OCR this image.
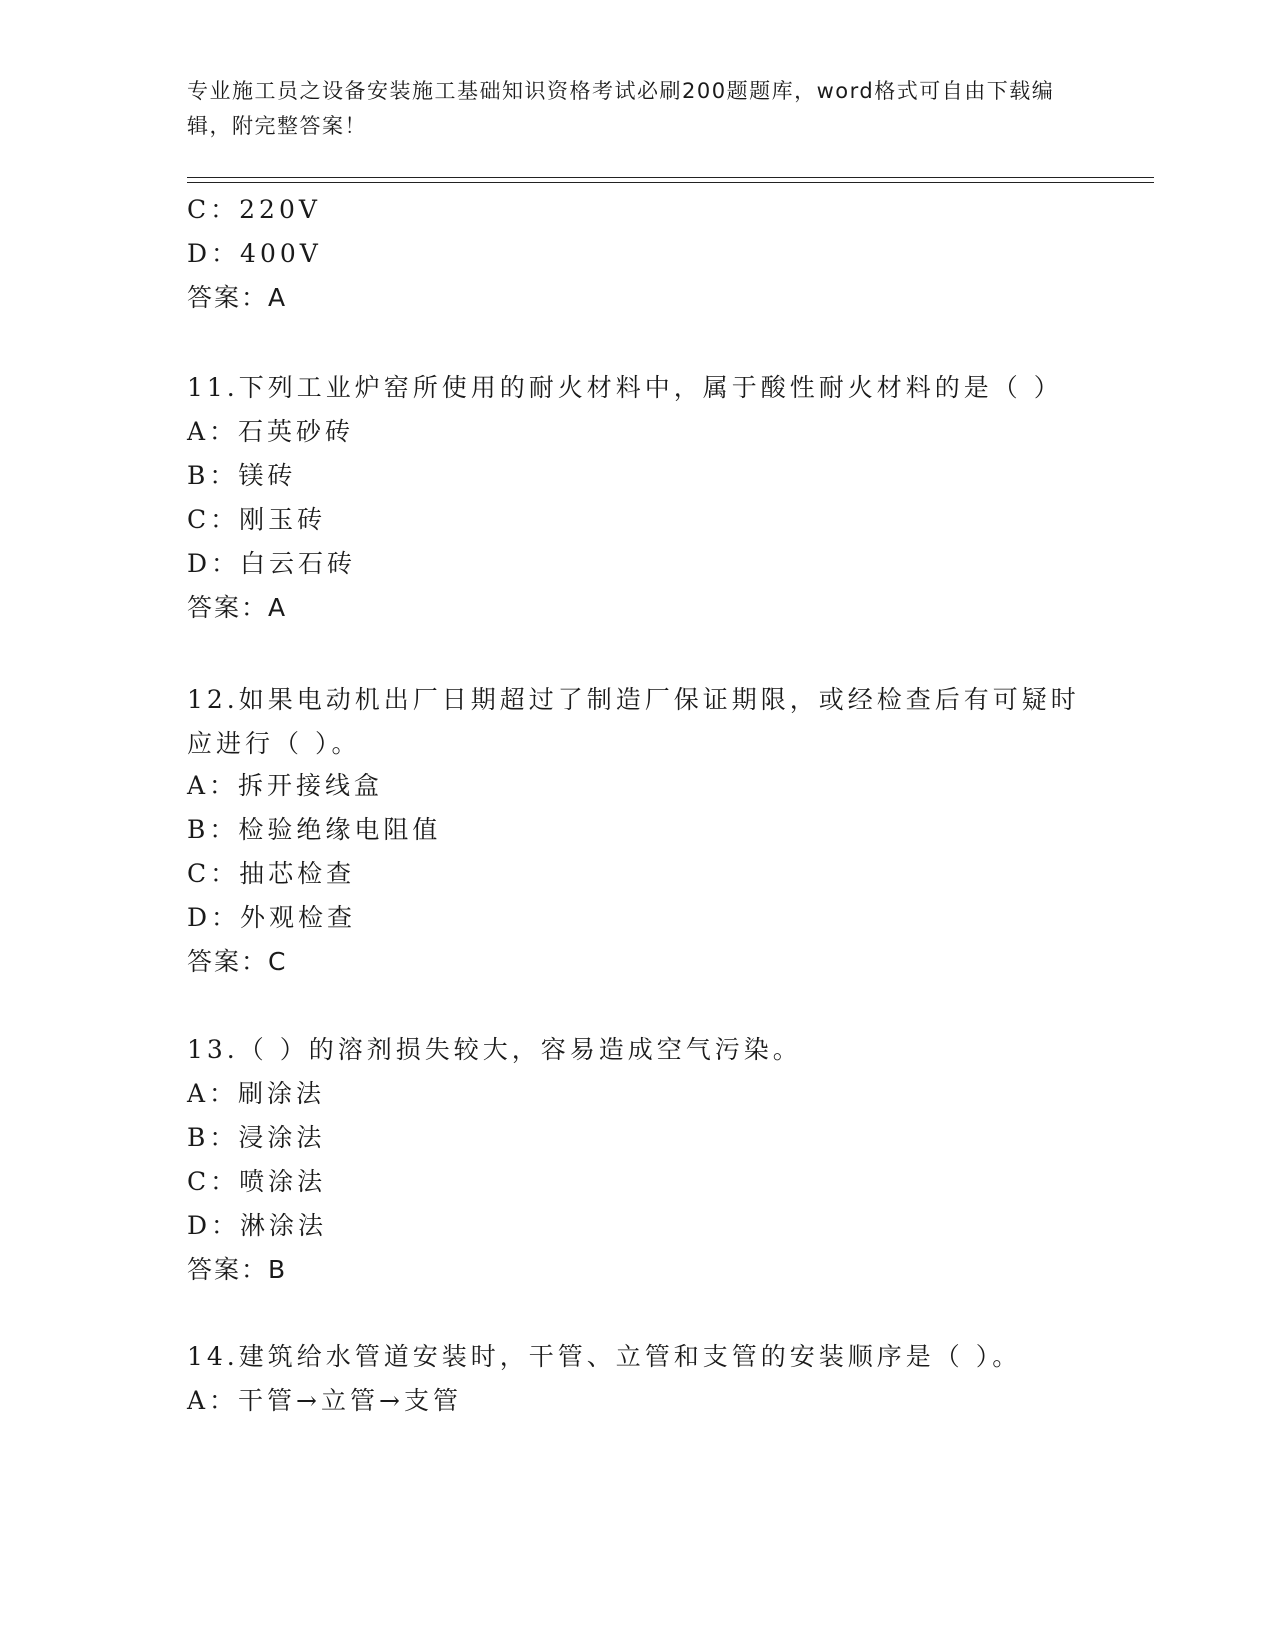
专业施工员之设备安装施工基础知识资格考试必刷200题题库，word格式可自由下载编辑，附完整答案！
C：220V
D：400V
答案：A
11.下列工业炉窑所使用的耐火材料中，属于酸性耐火材料的是（ ）
A：石英砂砖
B：镁砖
C：刚玉砖
D：白云石砖
答案：A
12.如果电动机出厂日期超过了制造厂保证期限，或经检查后有可疑时应进行（ ）。
A：拆开接线盒
B：检验绝缘电阻值
C：抽芯检查
D：外观检查
答案：C
13.（ ）的溶剂损失较大，容易造成空气污染。
A：刷涂法
B：浸涂法
C：喷涂法
D：淋涂法
答案：B
14.建筑给水管道安装时，干管、立管和支管的安装顺序是（ ）。
A：干管→立管→支管
